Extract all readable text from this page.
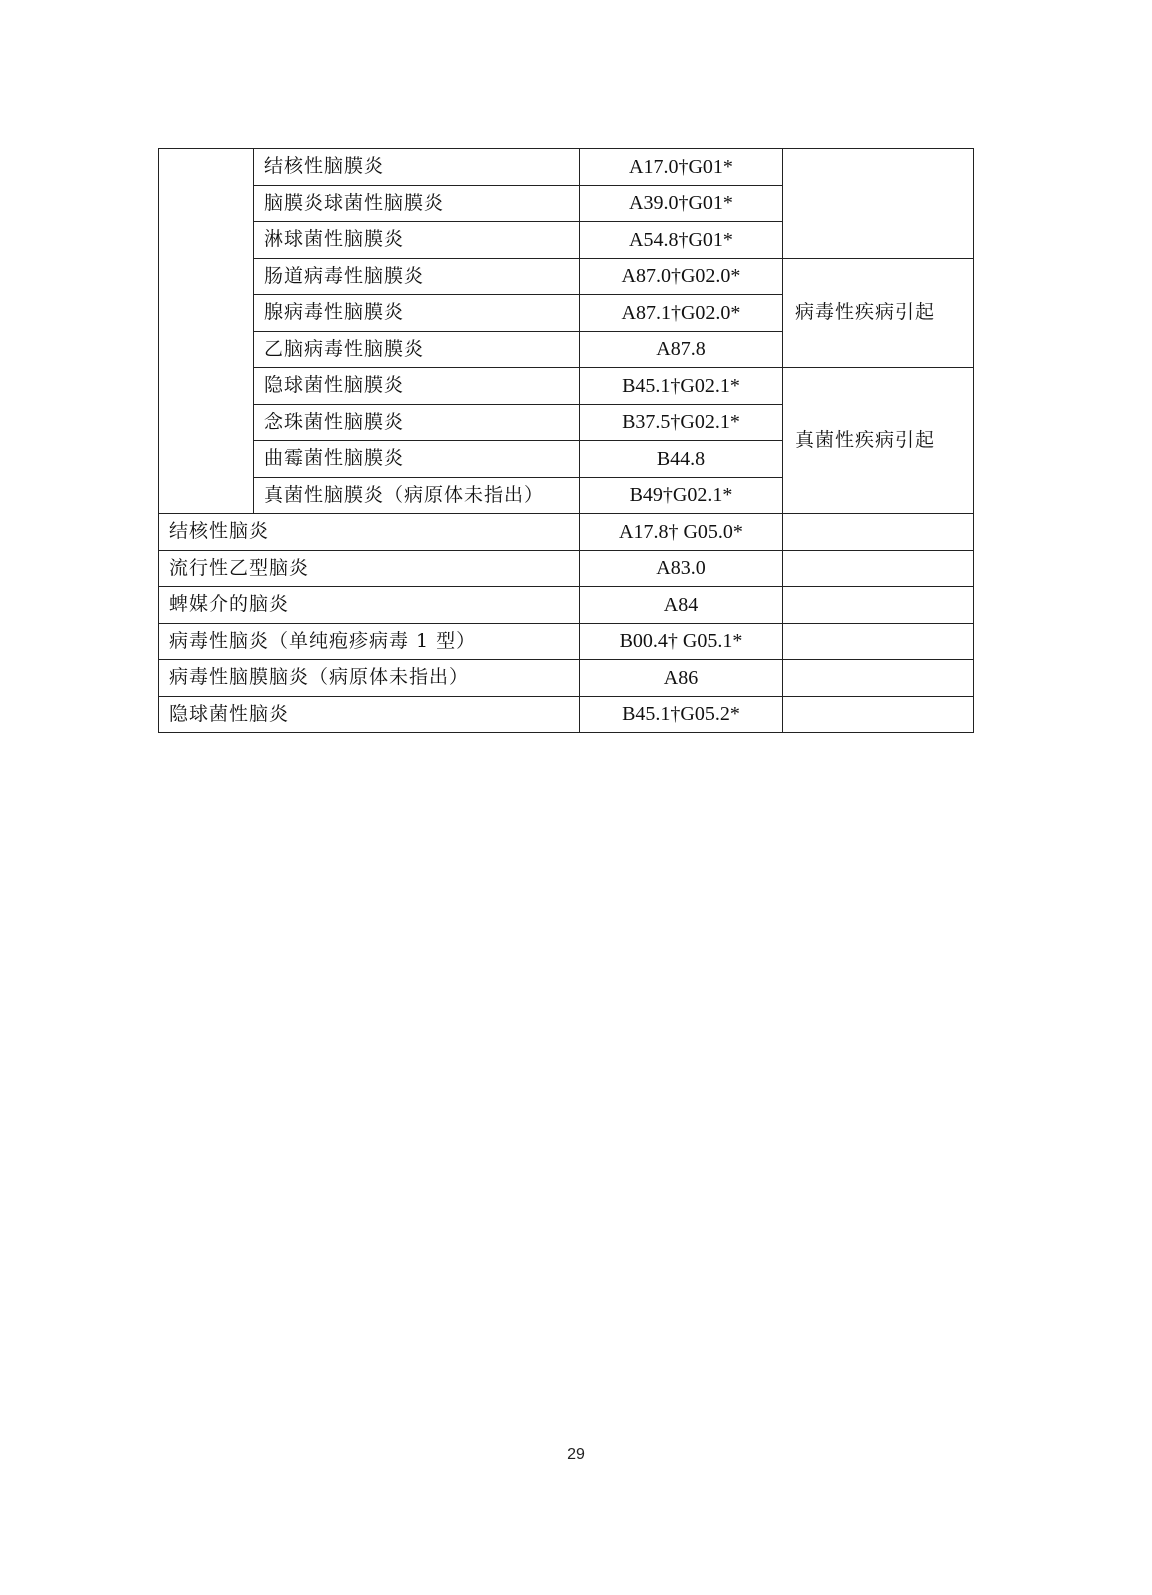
	结核性脑膜炎	A17.0†G01*	
	脑膜炎球菌性脑膜炎	A39.0†G01*	
	淋球菌性脑膜炎	A54.8†G01*	
	肠道病毒性脑膜炎	A87.0†G02.0*	病毒性疾病引起
	腺病毒性脑膜炎	A87.1†G02.0*	
	乙脑病毒性脑膜炎	A87.8	
	隐球菌性脑膜炎	B45.1†G02.1*	真菌性疾病引起
	念珠菌性脑膜炎	B37.5†G02.1*	
	曲霉菌性脑膜炎	B44.8	
	真菌性脑膜炎（病原体未指出）	B49†G02.1*	
结核性脑炎		A17.8† G05.0*	
流行性乙型脑炎		A83.0	
蜱媒介的脑炎		A84	
病毒性脑炎（单纯疱疹病毒 1 型）		B00.4† G05.1*	
病毒性脑膜脑炎（病原体未指出）		A86	
隐球菌性脑炎		B45.1†G05.2*	
29
